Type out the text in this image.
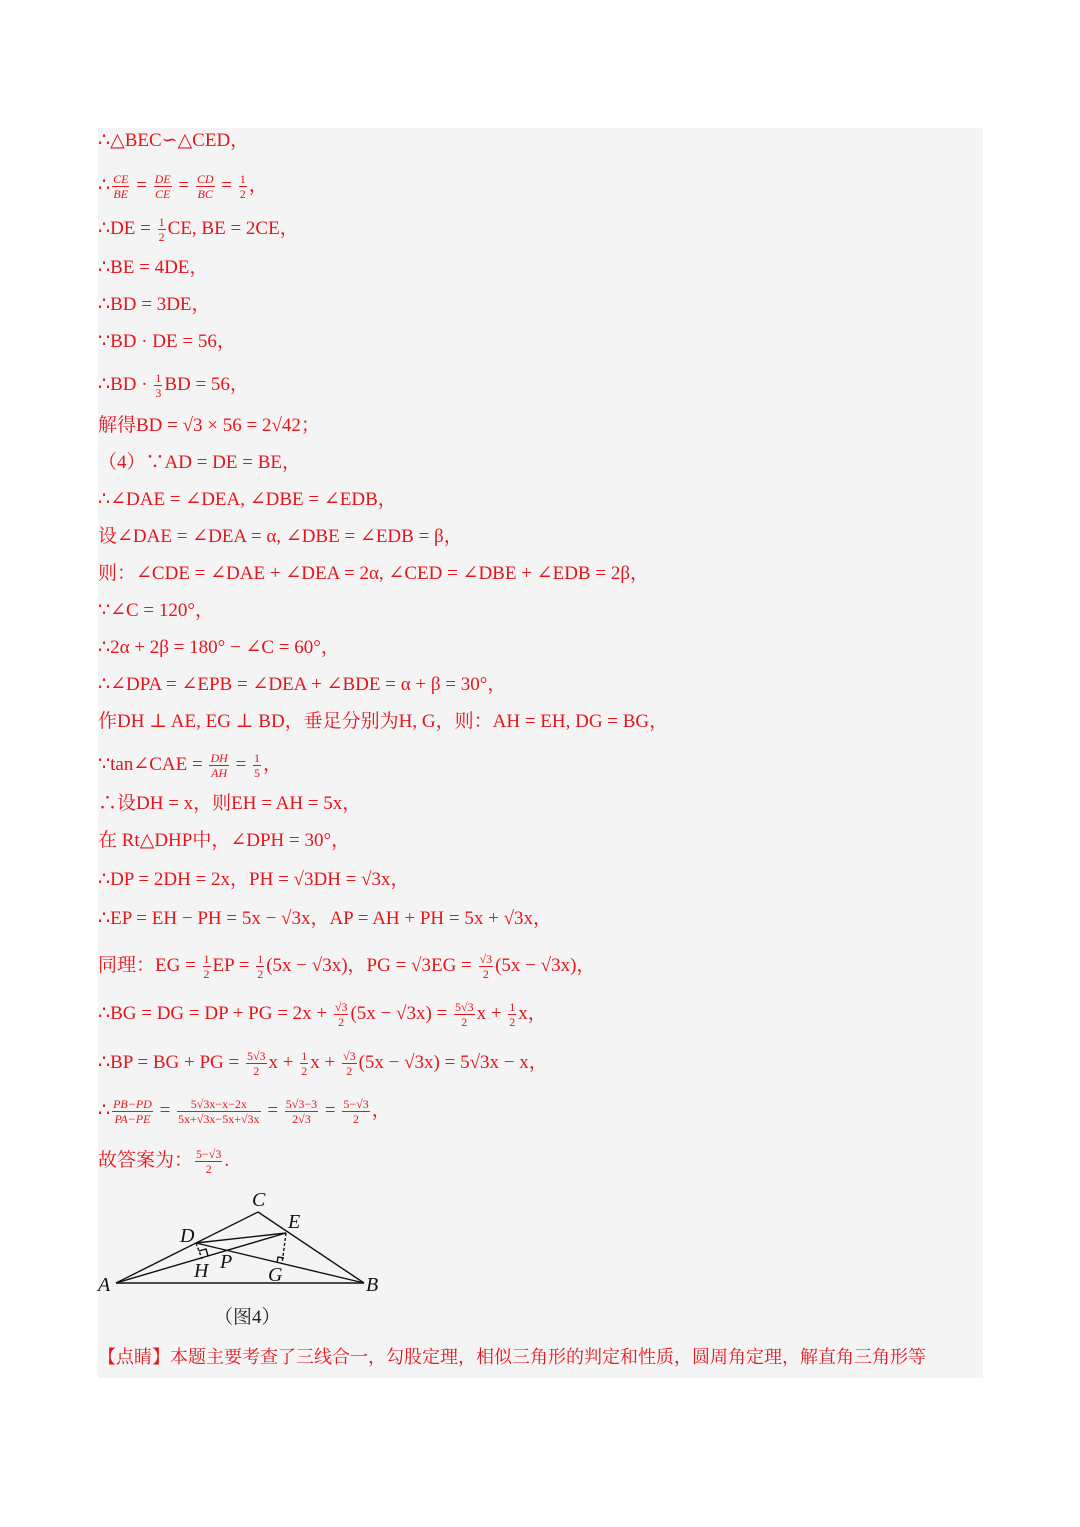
∴△BEC∽△CED，
∴ $\frac{CE}{BE} = \frac{DE}{CE} = \frac{CD}{BC} = \frac{1}{2}$ ，
∴DE = $\frac{1}{2}$ CE, BE = 2CE，
∴BE = 4DE，
∴BD = 3DE，
∵BD · DE = 56，
∴BD · $\frac{1}{3}$ BD = 56，
解得BD = √3 × 56 = 2√42；
（4）∵AD = DE = BE，
∴∠DAE = ∠DEA, ∠DBE = ∠EDB，
设∠DAE = ∠DEA = α, ∠DBE = ∠EDB = β，
则：∠CDE = ∠DAE + ∠DEA = 2α, ∠CED = ∠DBE + ∠EDB = 2β，
∵∠C = 120°，
∴2α + 2β = 180° − ∠C = 60°，
∴∠DPA = ∠EPB = ∠DEA + ∠BDE = α + β = 30°，
作DH ⊥ AE, EG ⊥ BD，垂足分别为H, G，则：AH = EH, DG = BG，
∵tan∠CAE = $\frac{DH}{AH} = \frac{1}{5}$ ，
∴设DH = x，则EH = AH = 5x，
在 Rt△DHP中，∠DPH = 30°，
∴DP = 2DH = 2x，PH = √3DH = √3x，
∴EP = EH − PH = 5x − √3x，AP = AH + PH = 5x + √3x，
同理：EG = $\frac{1}{2}$ EP = $\frac{1}{2} (5x - √3x)$，PG = $√3EG = \frac{√3}{2} (5x - √3x)$，
∴BG = DG = DP + PG = $2x + \frac{√3}{2} (5x - √3x) = \frac{5√3}{2}$ $x + \frac{1}{2}$ x，
∴BP = BG + PG = $\frac{5√3}{2}$ $x + \frac{1}{2}$ $x + \frac{√3}{2} (5x - √3x) = 5√3x - x$，
∴ $\frac{PB-PD}{PA-PE} = \frac{5√3x-x-2x}{5x+√3x-5x+√3x} = \frac{5√3-3}{2√3} = \frac{5-√3}{2}$ ，
故答案为： $\frac{5-√3}{2}$ .
C
D
E
H P
G
A	B
（图4）
【点睛】本题主要考查了三线合一，勾股定理，相似三角形的判定和性质，圆周角定理，解直角三角形等
